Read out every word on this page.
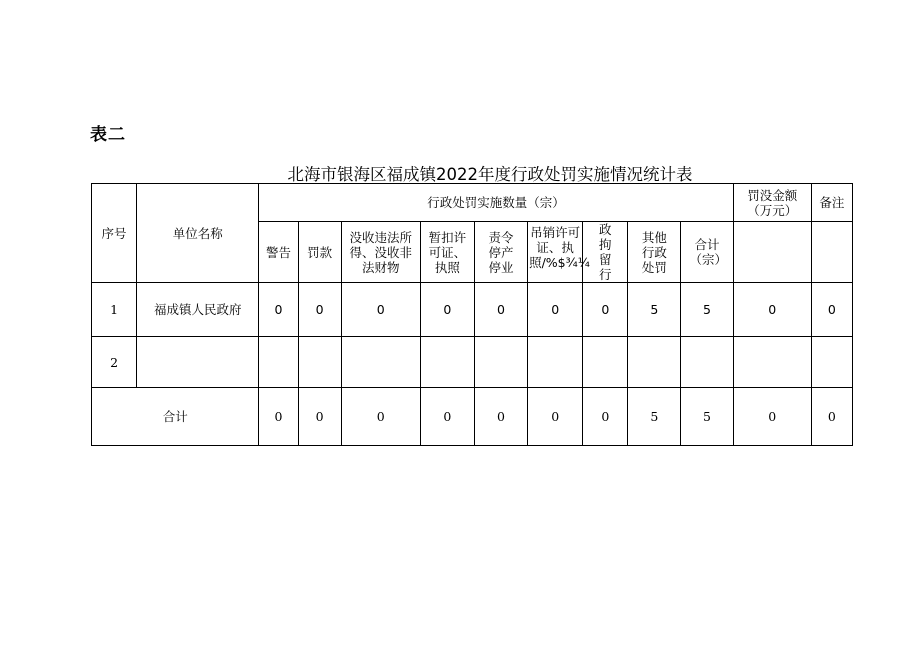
表二
北海市银海区福成镇2022年度行政处罚实施情况统计表
序号	单位名称	行政处罚实施数量（宗）									罚没金额（万元）	备注
		警告	罚款	没收违法所得、没收非法财物	暂扣许可证、执照	责令停产停业	吊销许可证、执照/%$¾¼	政拘留行	其他行政处罚	合计（宗）		
1	福成镇人民政府	0	0	0	0	0	0	0	5	5	0	0
2												
合计		0	0	0	0	0	0	0	5	5	0	0
